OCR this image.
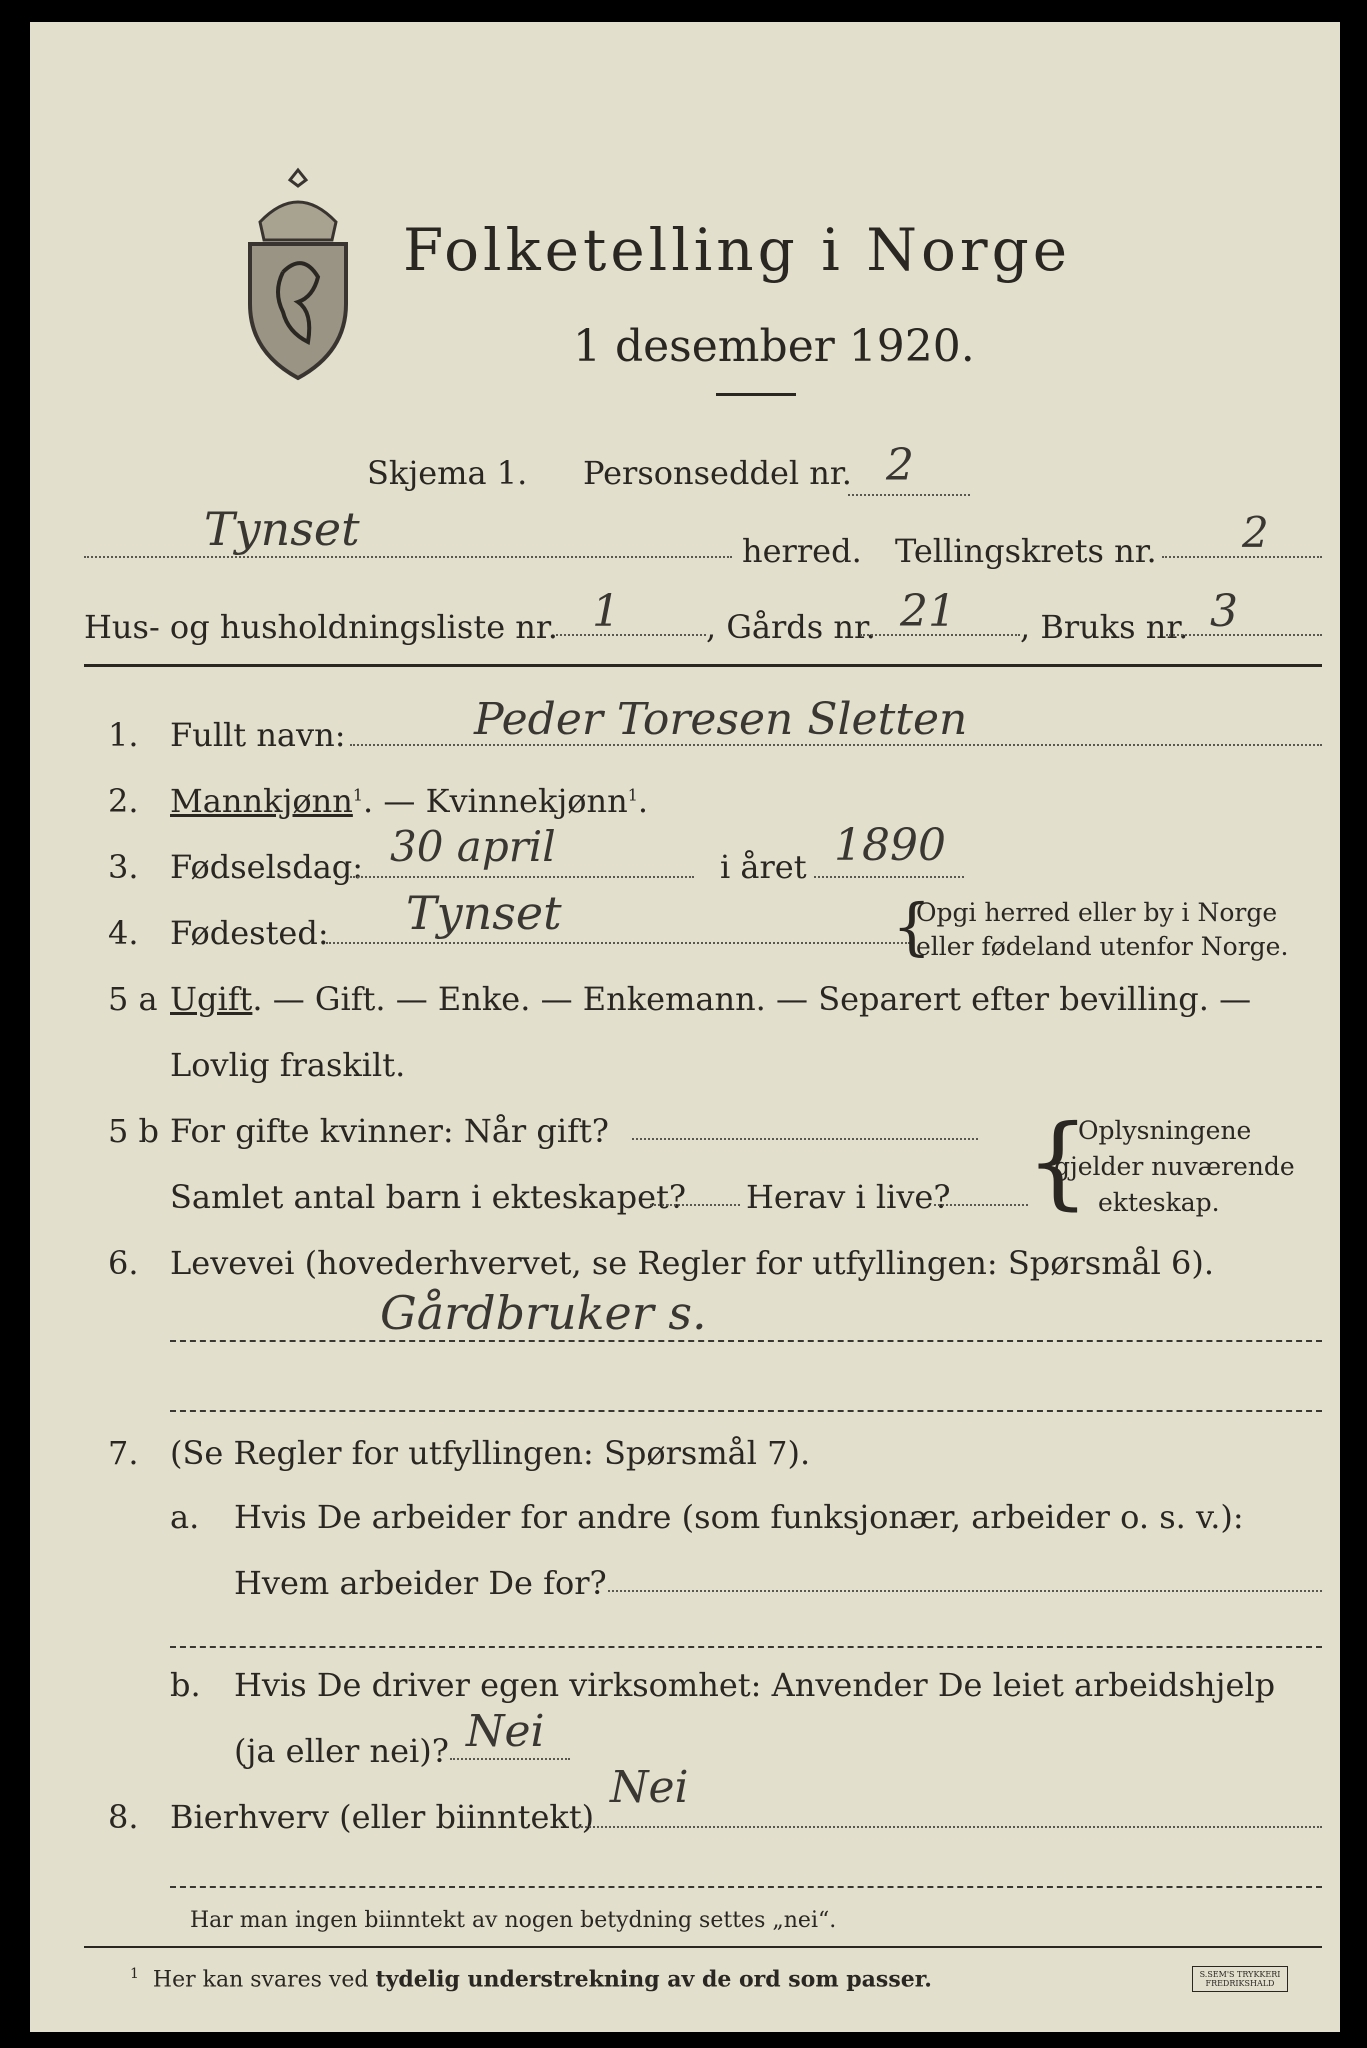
Folketelling i Norge
1 desember 1920.
Skjema 1. Personseddel nr. 2
Tynset	herred. Tellingskrets nr. 2
Hus- og husholdningsliste nr. 1	, Gårds nr. 21 , Bruks nr. 3
1. Fullt navn:	Peder Toresen Sletten
2. Mannkjønn$^1$. — Kvinnekjønn$^1$.
3. Fødselsdag: 30 april	i året 1890
4. Fødested: Tynset	{
Opgi herred eller by i Norge
eller fødeland utenfor Norge.
5 a Ugift. — Gift. — Enke. — Enkemann. — Separert efter bevilling. —
Lovlig fraskilt.
5 b For gifte kvinner: Når gift?
Samlet antal barn i ekteskapet? Herav i live? {
Oplysningene
gjelder nuværende
ekteskap.
6. Levevei (hovederhvervet, se Regler for utfyllingen: Spørsmål 6).
Gårdbruker s.
7. (Se Regler for utfyllingen: Spørsmål 7).
a. Hvis De arbeider for andre (som funksjonær, arbeider o. s. v.):
Hvem arbeider De for?
b. Hvis De driver egen virksomhet: Anvender De leiet arbeidshjelp
(ja eller nei)? Nei
8. Bierhverv (eller biinntekt)
Nei
Har man ingen biinntekt av nogen betydning settes „nei“.
$^1$ Her kan svares ved tydelig understrekning av de ord som passer.	S.SEM'S TRYKKERI FREDRIKSHALD
